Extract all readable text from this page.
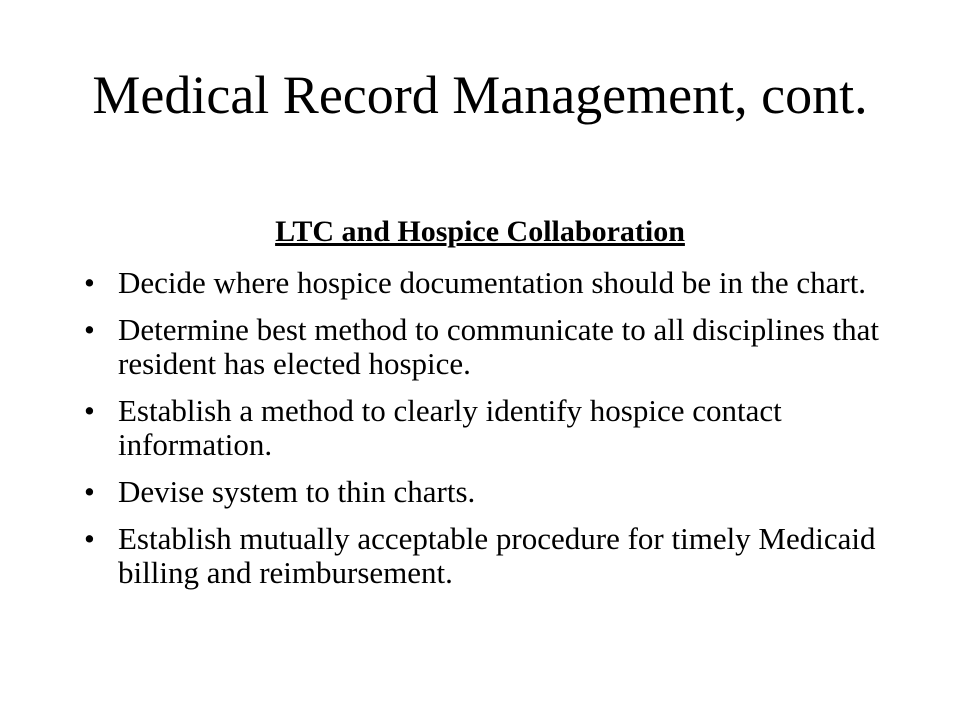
Medical Record Management, cont.
LTC and Hospice Collaboration
• Decide where hospice documentation should be in the chart.
• Determine best method to communicate to all disciplines that resident has elected hospice.
• Establish a method to clearly identify hospice contact information.
• Devise system to thin charts.
• Establish mutually acceptable procedure for timely Medicaid billing and reimbursement.
